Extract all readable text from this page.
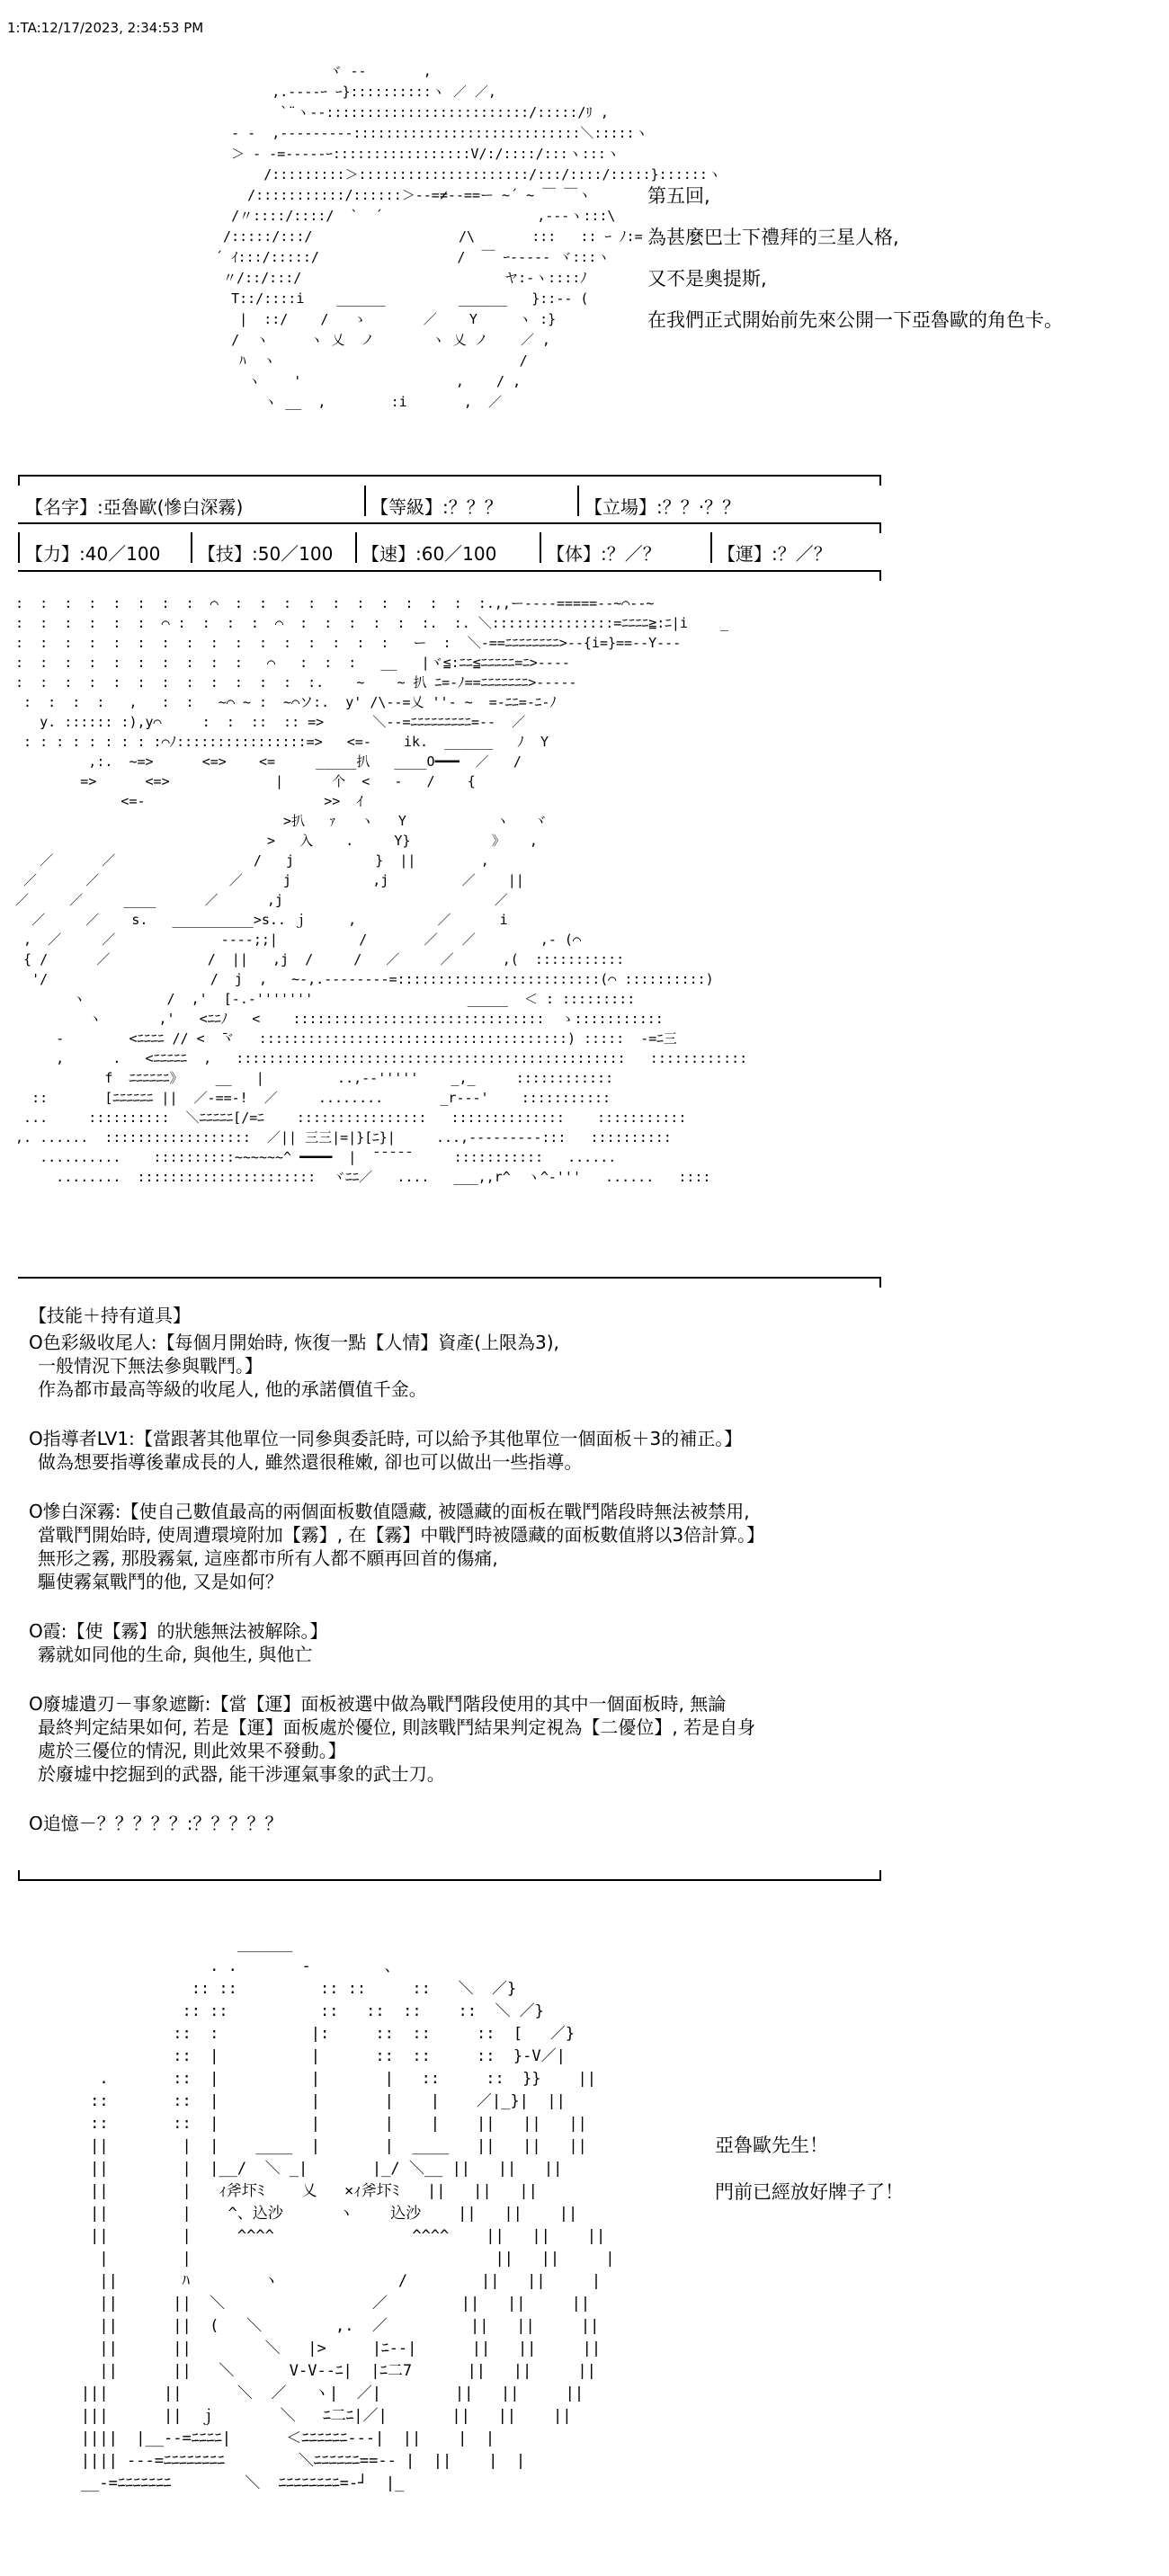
1:TA:12/17/2023, 2:34:53 PM
ヾ ‐-       ,
,.-‐--ｰ ｰ}::::::::::ヽ ／ ／,
`¨ヽ--:::::::::::::::::::::::::/:::::/ﾘ ,
‐ ‐  ,-‐‐‐‐----::::::::::::::::::::::::::::＼:::::ヽ
＞ ‐ -=-----ｰ:::::::::::::::::V/:/::::/:::ヽ:::ヽ
/:::::::::＞:::::::::::::::::::::/:::/::::/:::::}::::::ヽ
/:::::::::::/::::::＞--=≠--==ー ~´ ~ ￣ ￣ヽ
/〃::::/::::/  `  ´                   ,--‐ヽ:::\
/:::::/:::/                  /\       :::   :: ｰ ﾉ:=
´ ｲ:::/:::::/                 /  ￣ ｰ----‐ ヾ:::ヽ
〃/::/:::/                         ヤ:-ヽ::::ﾉ
T::/::::i    ______         ______   }::-- (
|  ::/    /   ゝ       ／    Y     ヽ :}
/  ヽ     ヽ 乂  ノ       ヽ 乂 ノ    ／ ,
ﾊ  ヽ                              /
ヽ    '                   ,    / ,
ヽ __  ,        :i       ,  ／
第五回,
為甚麼巴士下禮拜的三星人格,
又不是奧提斯,
在我們正式開始前先來公開一下亞魯歐的角色卡。
【名字】:亞魯歐(慘白深霧)	【等級】:？？？	【立場】:？？·？？
【力】:40／100 【技】:50／100 【速】:60／100	【体】:？／？	【運】:？／？
:  :  :  :  :  :  :  :  ⌒  :  :  :  :  :  :  :  :  :  :  :.,,ー-‐--=====‐‐~⌒‐‐~
:  :  :  :  :  :  ⌒ :  :  :  :  ⌒  :  :  :  :  :  :.  :. ＼:::::::::::::::=ﾆﾆﾆﾆ≧:ﾆ|i    _
:  :  :  :  :  :  :  :  :  :  :  :  :  :  :  :   ー  :  ＼-==ﾆﾆﾆﾆﾆﾆﾆﾆ>--{i=}==--Y--‐
:  :  :  :  :  :  :  :  :  :   ⌒   :  :  :   __   |ヾ≦:ﾆﾆ≦ﾆﾆﾆﾆﾆ=ﾆ>-‐‐‐
:  :  :  :  :  :  :  :  :  :  :  :  :.    ~    ~ 扒 ﾆ=-ﾉ==ﾆﾆﾆﾆﾆﾆﾆ>-----
:  :  :  :   ,   :  :   ~⌒ ~ :  ~⌒ソ:.  y' /\--=乂 ''‐ ~  =‐ﾆﾆ=‐ﾆ‐ﾉ
y. :::::: :),y⌒     :  :  ::  :: =>      ＼--=ﾆﾆﾆﾆﾆﾆﾆﾆﾆ=-‐  ／
: : : : : : : : :⌒ﾉ::::::::::::::::=>   <=-    ik.  ______   ﾉ  Y
,:.  ~=>      <=>    <=     _____扒   ____O━━━  ／   /
=>      <=>             |      个  <   -   /    {
<=-                      >>  ｲ
>扒   ｧ   ヽ   Y           ヽ   ヾ
>   入    .     Y}          》   ,
／      ／                 /   j          }  ||        ,
／      ／                ／     j          ,j         ／    ||
／     ／     ____      ／      ,j                          ／
／     ／    s.   __________>s.. ｊ     ,          ／      i
,  ／     ／             ----;;|          /       ／   ／        ,‐ (⌒
{ /      ／            /  ||   ,j  /     /   ／     ／      ,(  :::::::::::
'/                    /  j  ,   ~‐,.--‐‐----=:::::::::::::::::::::::::(⌒ ::::::::::)
ヽ          /  ,'  [-.‐'''''''                   _____  ＜ : :::::::::
ヽ       ,'   <ﾆﾆﾉ   <    :::::::::::::::::::::::::::::::  ゝ:::::::::::
‐        <ﾆﾆﾆﾆ // <  ̄ヾ   ::::::::::::::::::::::::::::::::::::::) :::::  -=ﾆ三
,      .   <ﾆﾆﾆﾆﾆ  ,   ::::::::::::::::::::::::::::::::::::::::::::::::   ::::::::::::
f  ﾆﾆﾆﾆﾆﾆ》    __   |         ..,-‐'''''    _,_     ::::::::::::
::       [ﾆﾆﾆﾆﾆﾆ ||  ／-==-!  ／     ........       _r--‐'    :::::::::::
...     ::::::::::  ＼ﾆﾆﾆﾆﾆ[/=ﾆ    ::::::::::::::::   ::::::::::::::    :::::::::::
,. ......  ::::::::::::::::::  ／|| 三三|=|}[ﾆ}|     ...,-‐-------:::   ::::::::::
..........    ::::::::::~~~~~~^ ━━━━  |  ̄ ̄ ̄ ̄ ̄      :::::::::::   ......
........  ::::::::::::::::::::::  ヾﾆﾆ／   ....   ___,,r^  ヽ^‐'''   ......   ::::
【技能＋持有道具】
O色彩級收尾人:【每個月開始時, 恢復一點【人情】資產(上限為3),
一般情況下無法參與戰鬥。】
作為都市最高等級的收尾人, 他的承諾價值千金。
O指導者LV1:【當跟著其他單位一同參與委託時, 可以給予其他單位一個面板＋3的補正。】
做為想要指導後輩成長的人, 雖然還很稚嫩, 卻也可以做出一些指導。
O慘白深霧:【使自己數值最高的兩個面板數值隱藏, 被隱藏的面板在戰鬥階段時無法被禁用,
當戰鬥開始時, 使周遭環境附加【霧】, 在【霧】中戰鬥時被隱藏的面板數值將以3倍計算。】
無形之霧, 那股霧氣, 這座都市所有人都不願再回首的傷痛,
驅使霧氣戰鬥的他, 又是如何？
O霞:【使【霧】的狀態無法被解除。】
霧就如同他的生命, 與他生, 與他亡
O廢墟遺刃－事象遮斷:【當【運】面板被選中做為戰鬥階段使用的其中一個面板時, 無論
最終判定結果如何, 若是【運】面板處於優位, 則該戰鬥結果判定視為【二優位】, 若是自身
處於三優位的情況, 則此效果不發動。】
於廢墟中挖掘到的武器, 能干涉運氣事象的武士刀。
O追憶－？？？？？:？？？？？
______
. .       -        、
:: ::         :: ::     ::   ＼  ／}
:: ::          ::   ::  ::    ::  ＼ ／}
::  :          |:     ::  ::     ::  [   ／}
::  |          |      ::  ::     ::  }-V／|
.       ::  |          |       |   ::     ::  }}    ||
::       ::  |          |       |    |    ／|_}|  ||
::       ::  |          |       |    |    ||   ||   ||
||        |  |    ____  |       |  ____   ||   ||   ||
||        |  |__/  ＼ _|       |_/ ＼__ ||   ||   ||
||        |   ｨ斧圷ﾐ    乂   ×ｨ斧圷ﾐ   ||   ||   ||
||        |    ^、込沙      ヽ    込沙    ||   ||    ||
||        |     ^^^^               ^^^^    ||   ||    ||
|        |                                 ||   ||     |
||       ﾊ        ヽ             /        ||   ||     |
||      ||  ＼                ／        ||   ||     ||
||      ||  (   ＼        ,.  ／         ||   ||     ||
||      ||        ＼   |>     |ﾆ--|      ||   ||     ||
||      ||   ＼      V‐V--ﾆ|  |ﾆ二7      ||   ||     ||
|||      ||      ＼  ／   ヽ|  ／|        ||   ||     ||
|||      ||  ｊ       ＼   ﾆ二ﾆ|／|       ||   ||    ||
||||  |__--=ﾆﾆﾆﾆ|      ＜ﾆﾆﾆﾆﾆﾆ--‐|  ||    |  |
|||| ---=ﾆﾆﾆﾆﾆﾆﾆﾆ        ＼ﾆﾆﾆﾆﾆﾆ==-‐ |  ||    |  |
__-=ﾆﾆﾆﾆﾆﾆﾆ        ＼  ﾆﾆﾆﾆﾆﾆﾆﾆ=-┘  |_
亞魯歐先生！
門前已經放好牌子了！
